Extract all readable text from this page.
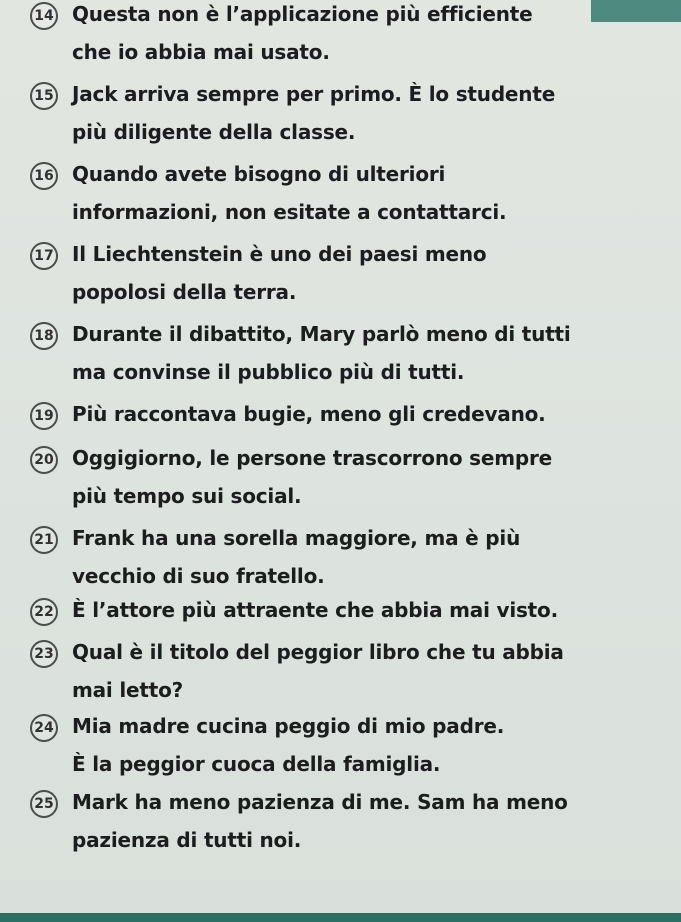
14 Questa non è l’applicazione più efficiente
che io abbia mai usato.
15 Jack arriva sempre per primo. È lo studente
più diligente della classe.
16 Quando avete bisogno di ulteriori
informazioni, non esitate a contattarci.
17 Il Liechtenstein è uno dei paesi meno
popolosi della terra.
18 Durante il dibattito, Mary parlò meno di tutti
ma convinse il pubblico più di tutti.
19 Più raccontava bugie, meno gli credevano.
20 Oggigiorno, le persone trascorrono sempre
più tempo sui social.
21 Frank ha una sorella maggiore, ma è più
vecchio di suo fratello.
22 È l’attore più attraente che abbia mai visto.
23 Qual è il titolo del peggior libro che tu abbia
mai letto?
24 Mia madre cucina peggio di mio padre.
È la peggior cuoca della famiglia.
25 Mark ha meno pazienza di me. Sam ha meno
pazienza di tutti noi.
